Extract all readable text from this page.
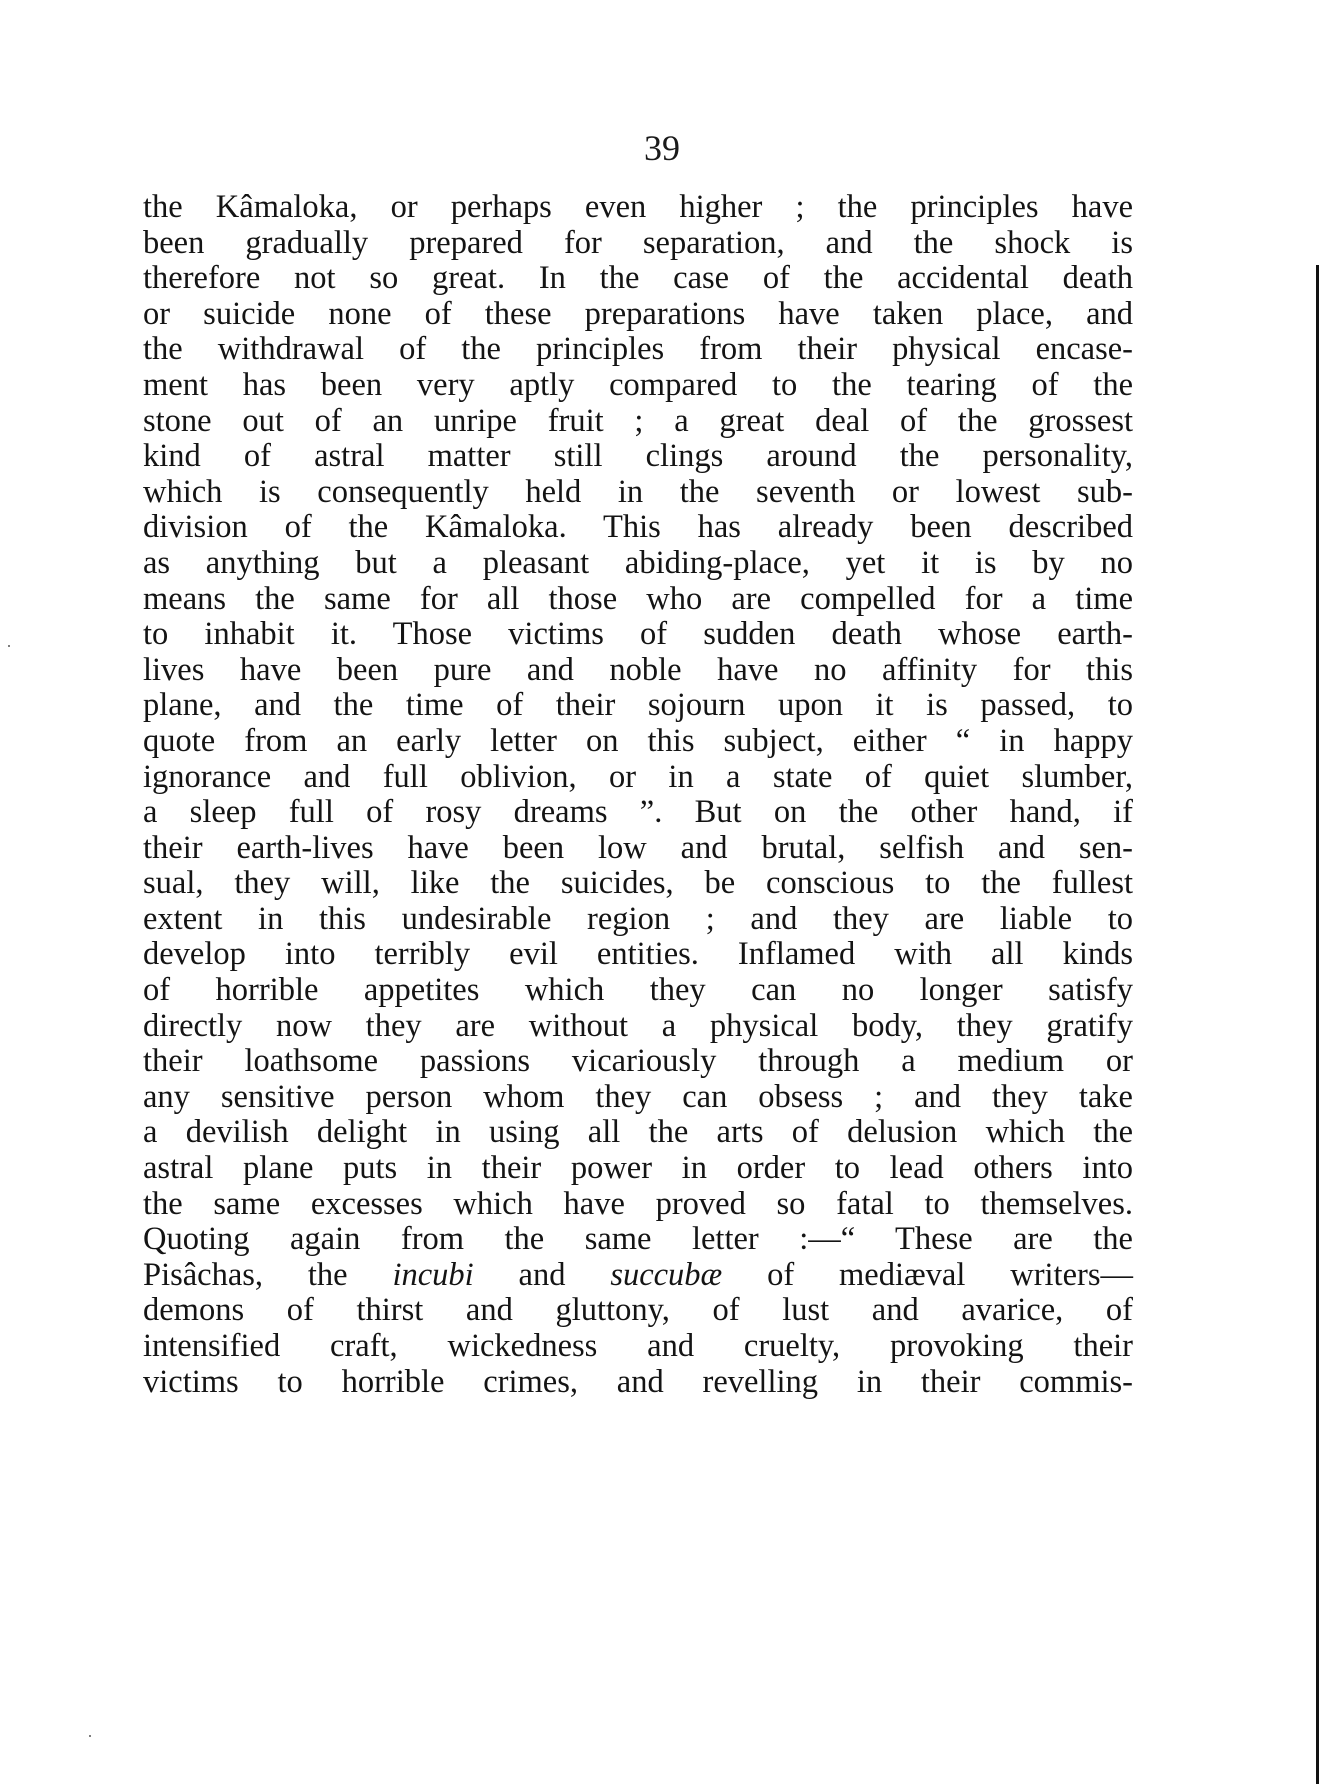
39
the Kâmaloka, or perhaps even higher ; the principles have
been gradually prepared for separation, and the shock is
therefore not so great. In the case of the accidental death
or suicide none of these preparations have taken place, and
the withdrawal of the principles from their physical encase-
ment has been very aptly compared to the tearing of the
stone out of an unripe fruit ; a great deal of the grossest
kind of astral matter still clings around the personality,
which is consequently held in the seventh or lowest sub-
division of the Kâmaloka. This has already been described
as anything but a pleasant abiding-place, yet it is by no
means the same for all those who are compelled for a time
to inhabit it. Those victims of sudden death whose earth-
lives have been pure and noble have no affinity for this
plane, and the time of their sojourn upon it is passed, to
quote from an early letter on this subject, either “ in happy
ignorance and full oblivion, or in a state of quiet slumber,
a sleep full of rosy dreams ”. But on the other hand, if
their earth-lives have been low and brutal, selfish and sen-
sual, they will, like the suicides, be conscious to the fullest
extent in this undesirable region ; and they are liable to
develop into terribly evil entities. Inflamed with all kinds
of horrible appetites which they can no longer satisfy
directly now they are without a physical body, they gratify
their loathsome passions vicariously through a medium or
any sensitive person whom they can obsess ; and they take
a devilish delight in using all the arts of delusion which the
astral plane puts in their power in order to lead others into
the same excesses which have proved so fatal to themselves.
Quoting again from the same letter :—“ These are the
Pisâchas, the incubi and succubæ of mediæval writers—
demons of thirst and gluttony, of lust and avarice, of
intensified craft, wickedness and cruelty, provoking their
victims to horrible crimes, and revelling in their commis-
